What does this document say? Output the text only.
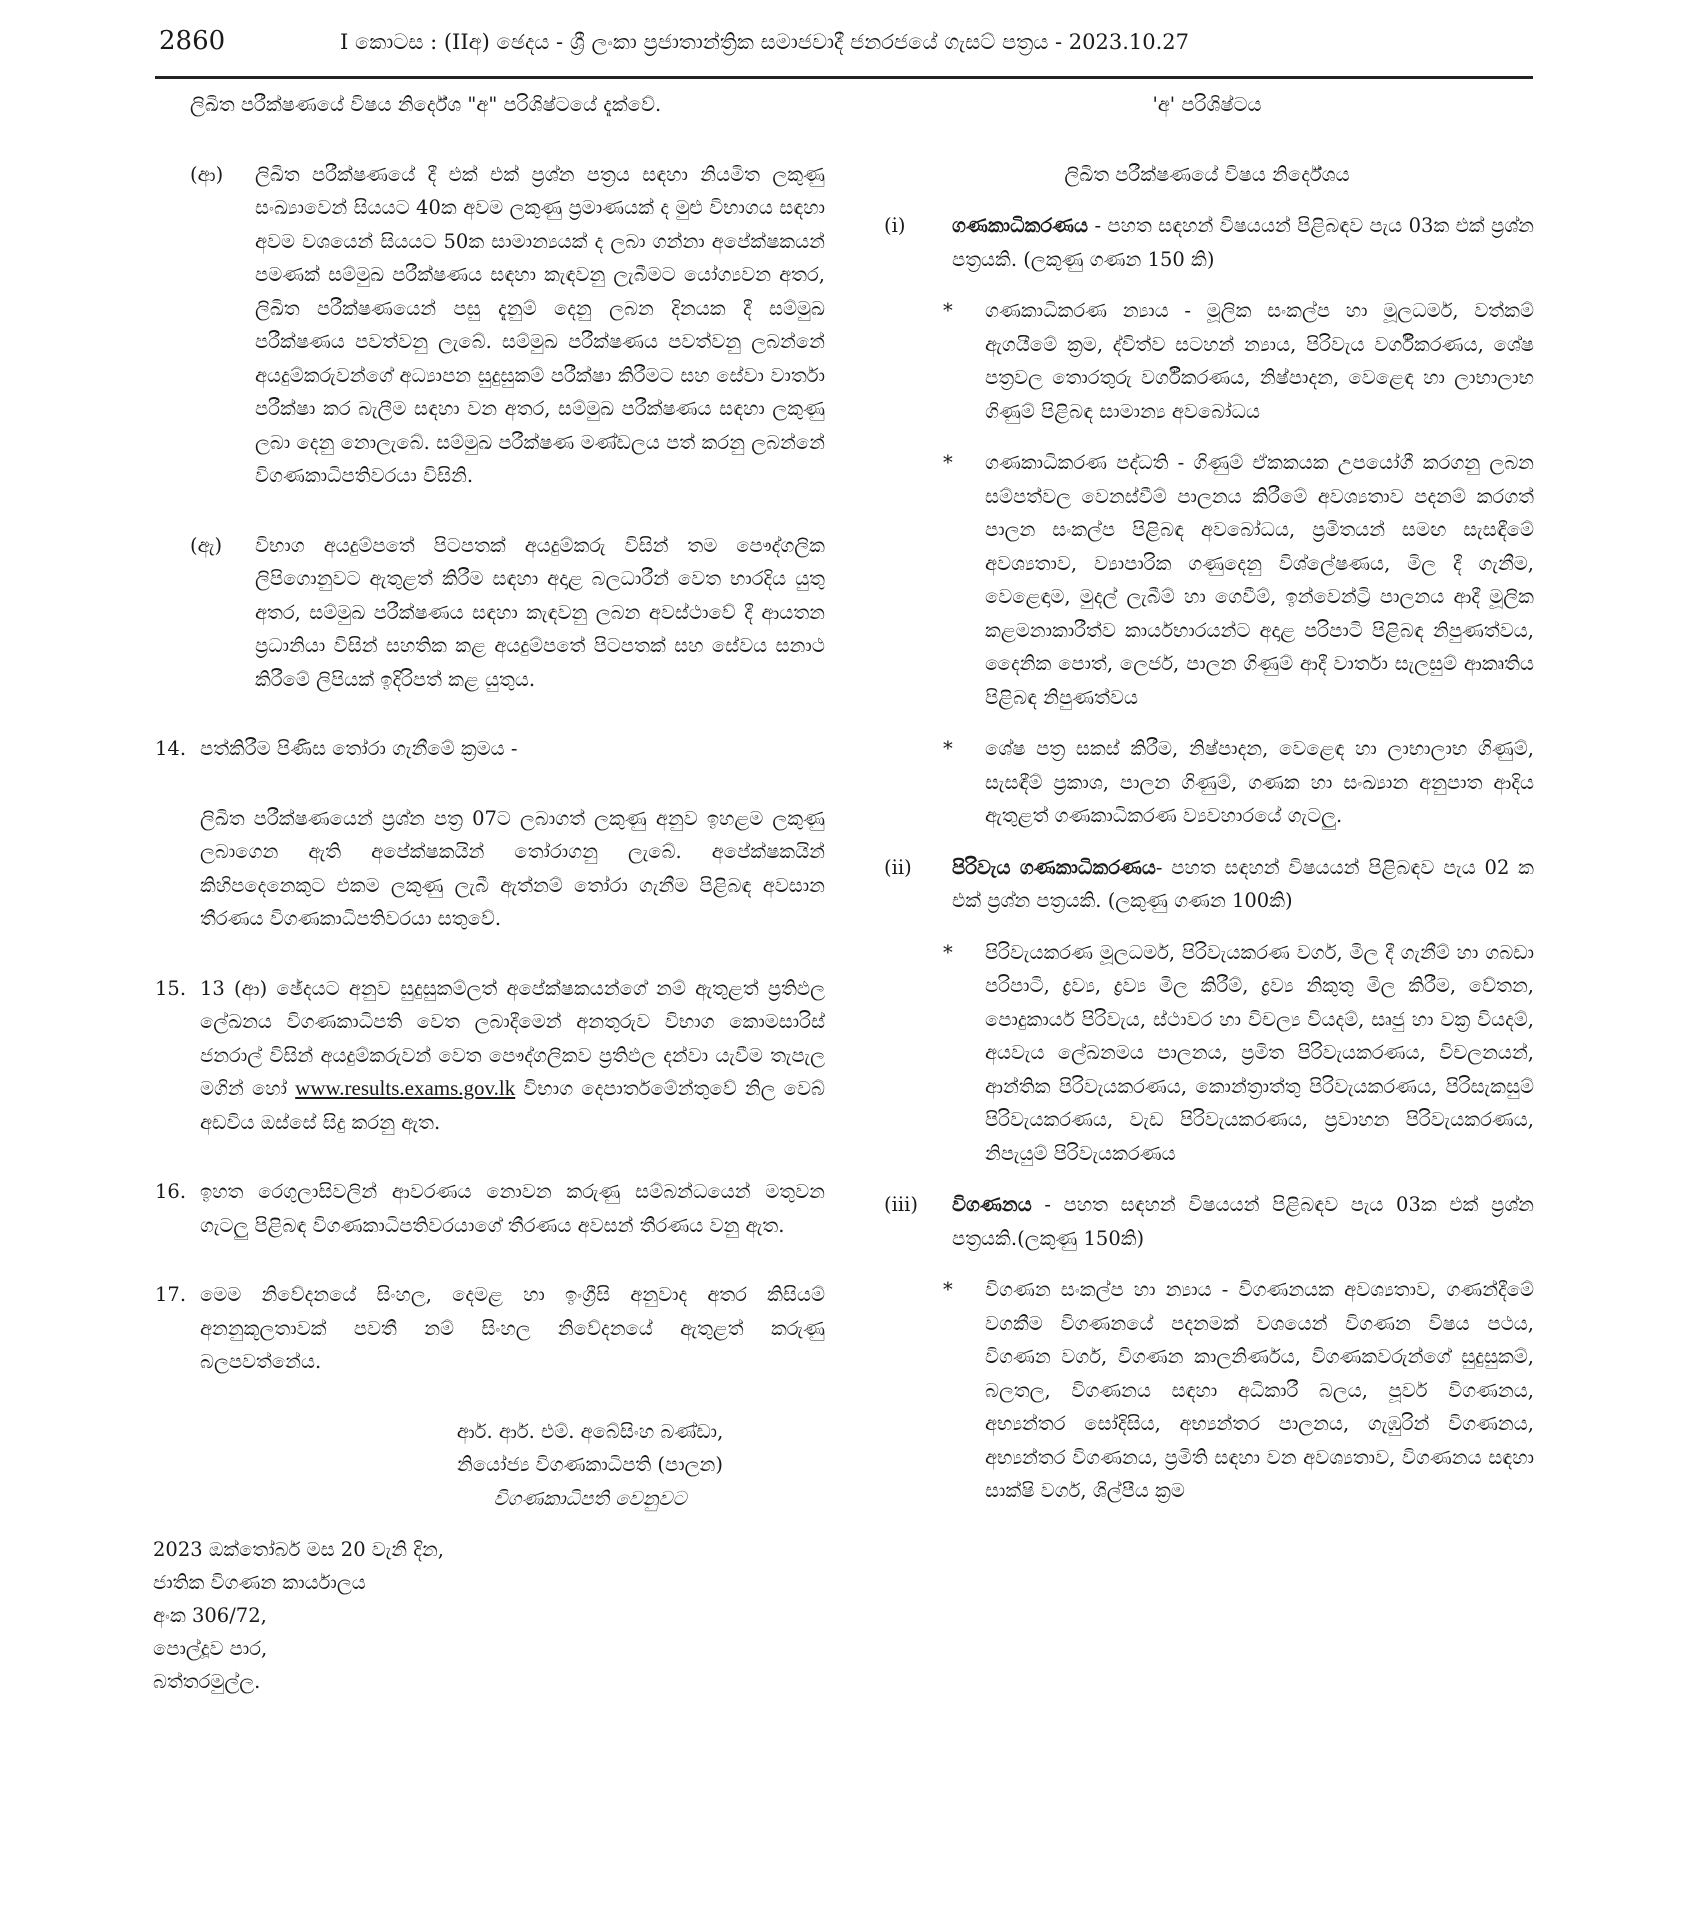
2860	I කොටස : (IIඅ) ඡෙදය - ශ්‍රී ලංකා ප්‍රජාතාන්ත්‍රික සමාජවාදී ජනරජයේ ගැසට් පත්‍රය - 2023.10.27

ලිඛිත පරීක්ෂණයේ විෂය නිර්දේශ "අ" පරිශිෂ්ටයේ දැක්වේ.

(ආ)	ලිඛිත පරීක්ෂණයේ දී එක් එක් ප්‍රශ්න පත්‍රය සඳහා නියමිත ලකුණු සංඛ්‍යාවෙන් සියයට 40ක අවම ලකුණු ප්‍රමාණයක් ද මුළු විභාගය සඳහා අවම වශයෙන් සියයට 50ක සාමාන්‍යයක් ද ලබා ගන්නා අපේක්ෂකයන් පමණක් සම්මුඛ පරීක්ෂණය සඳහා කැඳවනු ලැබීමට යෝග්‍යවන අතර, ලිඛිත පරීක්ෂණයෙන් පසු දැනුම් දෙනු ලබන දිනයක දී සම්මුඛ පරීක්ෂණය පවත්වනු ලැබේ. සම්මුඛ පරීක්ෂණය පවත්වනු ලබන්නේ අයදුම්කරුවන්ගේ අධ්‍යාපන සුදුසුකම් පරීක්ෂා කිරීමට සහ සේවා වාර්තා පරීක්ෂා කර බැලීම සඳහා වන අතර, සම්මුඛ පරීක්ෂණය සඳහා ලකුණු ලබා දෙනු නොලැබේ. සම්මුඛ පරීක්ෂණ මණ්ඩලය පත් කරනු ලබන්නේ විගණකාධිපතිවරයා විසිනි.
(ඇ)	විභාග අයදුම්පතේ පිටපතක් අයදුම්කරු විසින් තම පෞද්ගලික ලිපිගොනුවට ඇතුළත් කිරීම සඳහා අදාළ බලධාරීන් වෙත භාරදිය යුතු අතර, සම්මුඛ පරීක්ෂණය සඳහා කැඳවනු ලබන අවස්ථාවේ දී ආයතන ප්‍රධානියා විසින් සහතික කළ අයදුම්පතේ පිටපතක් සහ සේවය සනාථ කිරීමේ ලිපියක් ඉදිරිපත් කළ යුතුය.
14. පත්කිරීම පිණිස තෝරා ගැනීමේ ක්‍රමය -

ලිඛිත පරීක්ෂණයෙන් ප්‍රශ්න පත්‍ර 07ට ලබාගත් ලකුණු අනුව ඉහළම ලකුණු ලබාගෙන ඇති අපේක්ෂකයින් තෝරාගනු ලැබේ. අපේක්ෂකයින් කිහිපදෙනෙකුට එකම ලකුණු ලැබී ඇත්නම් තෝරා ගැනීම පිළිබඳ අවසාන තීරණය විගණකාධිපතිවරයා සතුවේ.

15. 13 (ආ) ඡේදයට අනුව සුදුසුකම්ලත් අපේක්ෂකයන්ගේ නම් ඇතුළත් ප්‍රතිඵල ලේඛනය විගණකාධිපති වෙත ලබාදීමෙන් අනතුරුව විභාග කොමසාරිස් ජනරාල් විසින් අයදුම්කරුවන් වෙත පෞද්ගලිකව ප්‍රතිඵල දන්වා යැවීම තැපැල මගින් හෝ www.results.exams.gov.lk විභාග දෙපාර්තමේන්තුවේ නිල වෙබ් අඩවිය ඔස්සේ සිදු කරනු ඇත.
16. ඉහත රෙගුලාසිවලින් ආවරණය නොවන කරුණු සම්බන්ධයෙන් මතුවන ගැටලු පිළිබඳ විගණකාධිපතිවරයාගේ තීරණය අවසන් තීරණය වනු ඇත.
17. මෙම නිවේදනයේ සිංහල, දෙමළ හා ඉංග්‍රීසි අනුවාද අතර කිසියම් අනනුකූලතාවක් පවතී නම් සිංහල නිවේදනයේ ඇතුළත් කරුණු බලපවත්නේය.
ආර්. ආර්. එම්. අබේසිංහ බණ්ඩා,
නියෝජ්‍ය විගණකාධිපති (පාලන)
විගණකාධිපති වෙනුවට
2023 ඔක්තෝබර් මස 20 වැනි දින,
ජාතික විගණන කාර්යාලය
අංක 306/72,
පොල්දූව පාර,
බත්තරමුල්ල.

'අ' පරිශිෂ්ටය

ලිඛිත පරීක්ෂණයේ විෂය නිර්දේශය

(i)	ගණකාධිකරණය - පහත සඳහන් විෂයයන් පිළිබඳව පැය 03ක එක් ප්‍රශ්න පත්‍රයකි. (ලකුණු ගණන 150 කි)
*	ගණකාධිකරණ න්‍යාය - මූලික සංකල්ප හා මූලධර්ම, වත්කම් ඇගයීමේ ක්‍රම, ද්විත්ව සටහන් න්‍යාය, පිරිවැය වර්ගීකරණය, ශේෂ පත්‍රවල තොරතුරු වර්ගීකරණය, නිෂ්පාදන, වෙළෙඳ හා ලාභාලාභ ගිණුම් පිළිබඳ සාමාන්‍ය අවබෝධය
*	ගණකාධිකරණ පද්ධති - ගිණුම් ඒකකයක උපයෝගී කරගනු ලබන සම්පත්වල වෙනස්වීම් පාලනය කිරීමේ අවශ්‍යතාව පදනම් කරගත් පාලන සංකල්ප පිළිබඳ අවබෝධය, ප්‍රමිතයන් සමඟ සැසඳීමේ අවශ්‍යතාව, ව්‍යාපාරික ගණුදෙනු විශ්ලේෂණය, මිල දී ගැනීම, වෙළෙඳාම, මුදල් ලැබීම් හා ගෙවීම්, ඉන්වෙන්ට්‍රි පාලනය ආදී මූලික කළමනාකාරීත්ව කාර්යභාරයන්ට අදාළ පරිපාටි පිළිබඳ නිපුණත්වය, දෛනික පොත්, ලෙජර්, පාලන ගිණුම් ආදී වාර්තා සැලසුම් ආකෘතිය පිළිබඳ නිපුණත්වය
*	ශේෂ පත්‍ර සකස් කිරීම, නිෂ්පාදන, වෙළෙඳ හා ලාභාලාභ ගිණුම්, සැසඳීම් ප්‍රකාශ, පාලන ගිණුම්, ගණක හා සංඛ්‍යාන අනුපාත ආදිය ඇතුළත් ගණකාධිකරණ ව්‍යවහාරයේ ගැටලු.
(ii)	පිරිවැය ගණකාධිකරණය- පහත සඳහන් විෂයයන් පිළිබඳව පැය 02 ක එක් ප්‍රශ්න පත්‍රයකි. (ලකුණු ගණන 100කි)
*	පිරිවැයකරණ මූලධර්ම, පිරිවැයකරණ වර්ග, මිල දී ගැනීම් හා ගබඩා පරිපාටි, ද්‍රව්‍ය, ද්‍රව්‍ය මිල කිරීම්, ද්‍රව්‍ය නිකුතු මිල කිරීම, වේතන, පොදුකාර්ය පිරිවැය, ස්ථාවර හා විචල්‍ය වියදම්, සෘජු හා වක්‍ර වියදම්, අයවැය ලේඛනමය පාලනය, ප්‍රමිත පිරිවැයකරණය, විචලනයන්, ආන්තික පිරිවැයකරණය, කොන්ත්‍රාත්තු පිරිවැයකරණය, පිරිසැකසුම් පිරිවැයකරණය, වැඩ පිරිවැයකරණය, ප්‍රවාහන පිරිවැයකරණය, නිපැයුම් පිරිවැයකරණය
(iii)	විගණනය - පහත සඳහන් විෂයයන් පිළිබඳව පැය 03ක එක් ප්‍රශ්න පත්‍රයකි.(ලකුණු 150කි)
*	විගණන සංකල්ප හා න්‍යාය - විගණනයක අවශ්‍යතාව, ගණන්දීමේ වගකීම විගණනයේ පදනමක් වශයෙන් විගණන විෂය පථය, විගණන වර්ග, විගණන කාලනිර්ණය, විගණකවරුන්ගේ සුදුසුකම්, බලතල, විගණනය සඳහා අධිකාරී බලය, පූර්ව විගණනය, අභ්‍යන්තර සෝදිසිය, අභ්‍යන්තර පාලනය, ගැඹුරින් විගණනය, අභ්‍යන්තර විගණනය, ප්‍රමිති සඳහා වන අවශ්‍යතාව, විගණනය සඳහා සාක්ෂි වර්ග, ශිල්පීය ක්‍රම
